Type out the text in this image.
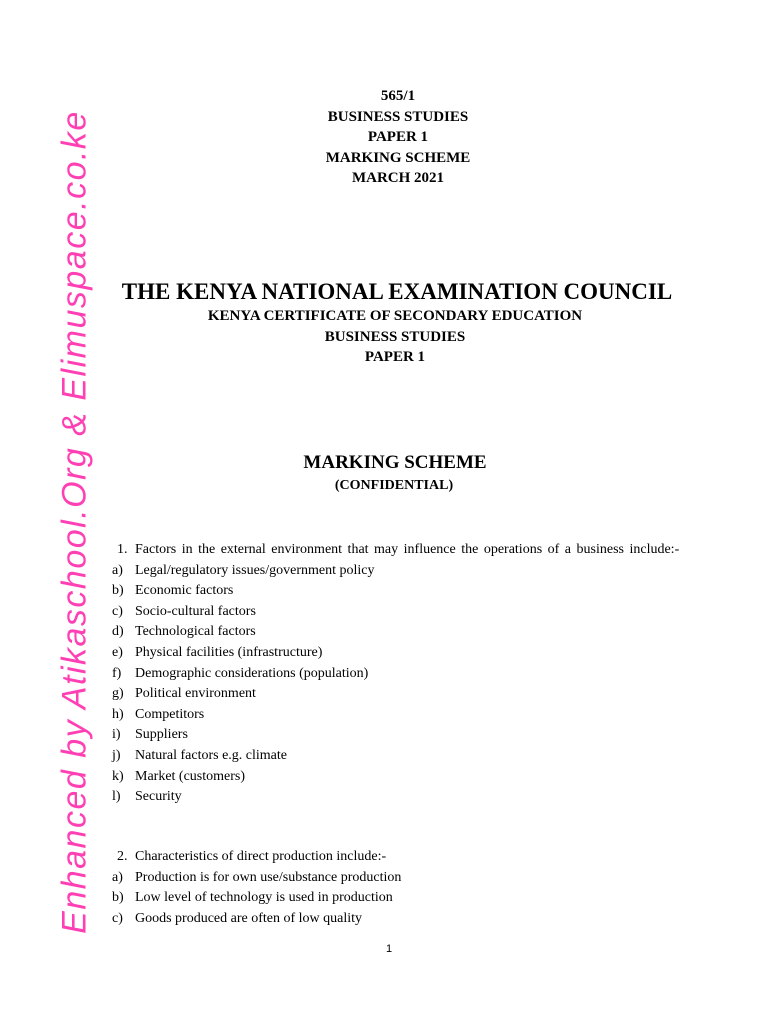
Enhanced by Atikaschool.Org & Elimuspace.co.ke
565/1
BUSINESS STUDIES
PAPER 1
MARKING SCHEME
MARCH 2021
THE KENYA NATIONAL EXAMINATION COUNCIL
KENYA CERTIFICATE OF SECONDARY EDUCATION
BUSINESS STUDIES
PAPER 1
MARKING SCHEME
(CONFIDENTIAL)
1. Factors in the external environment that may influence the operations of a business include:-
a) Legal/regulatory issues/government policy
b) Economic factors
c) Socio-cultural factors
d) Technological factors
e) Physical facilities (infrastructure)
f) Demographic considerations (population)
g) Political environment
h) Competitors
i)	Suppliers
j)	Natural factors e.g. climate
k) Market (customers)
l)	Security
2. Characteristics of direct production include:-
a) Production is for own use/substance production
b) Low level of technology is used in production
c) Goods produced are often of low quality
1
